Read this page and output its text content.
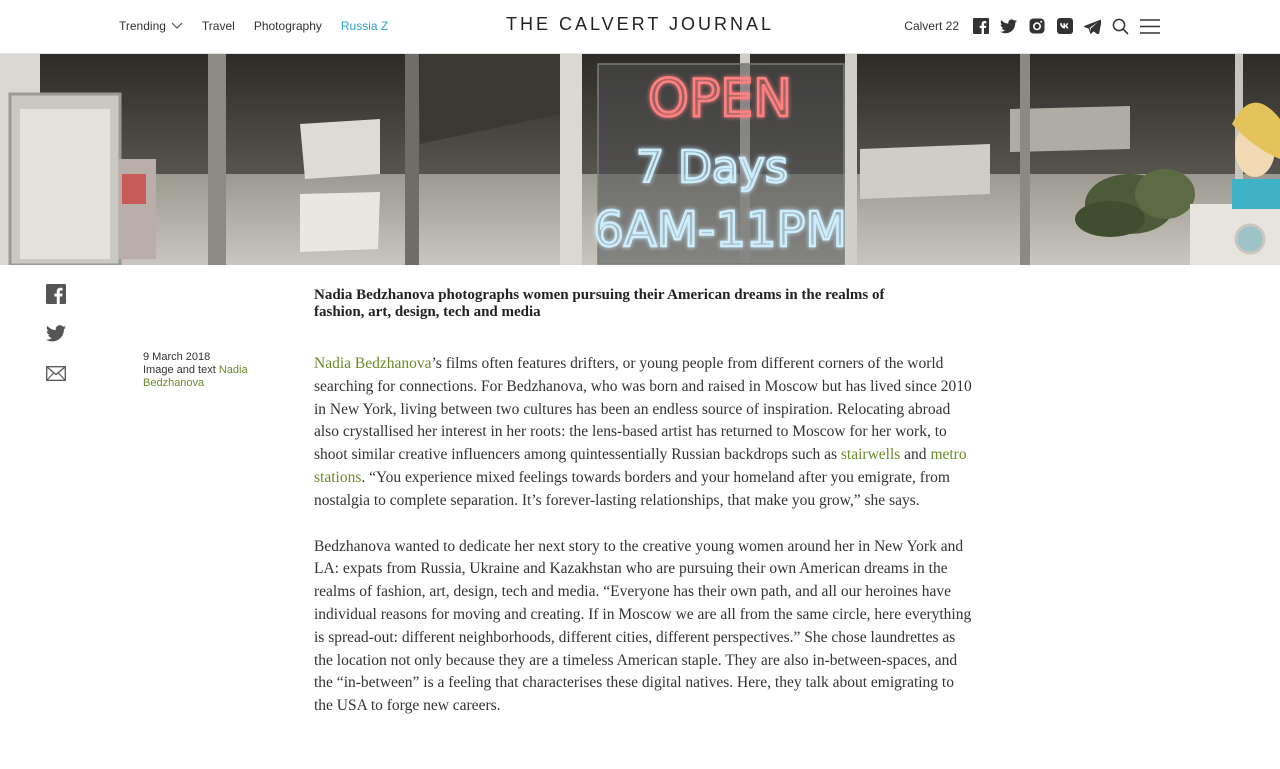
Trending	Travel Photography Russia Z	THE CALVERT JOURNAL	Calvert 22
OPEN
7 Days
6AM-11PM
9 March 2018
Image and text Nadia Bedzhanova
Nadia Bedzhanova photographs women pursuing their American dreams in the realms of fashion, art, design, tech and media

Nadia Bedzhanova’s films often features drifters, or young people from different corners of the world searching for connections. For Bedzhanova, who was born and raised in Moscow but has lived since 2010 in New York, living between two cultures has been an endless source of inspiration. Relocating abroad also crystallised her interest in her roots: the lens-based artist has returned to Moscow for her work, to shoot similar creative influencers among quintessentially Russian backdrops such as stairwells and metro stations. “You experience mixed feelings towards borders and your homeland after you emigrate, from nostalgia to complete separation. It’s forever-lasting relationships, that make you grow,” she says.

Bedzhanova wanted to dedicate her next story to the creative young women around her in New York and LA: expats from Russia, Ukraine and Kazakhstan who are pursuing their own American dreams in the realms of fashion, art, design, tech and media. “Everyone has their own path, and all our heroines have individual reasons for moving and creating. If in Moscow we are all from the same circle, here everything is spread-out: different neighborhoods, different cities, different perspectives.” She chose laundrettes as the location not only because they are a timeless American staple. They are also in-between-spaces, and the “in-between” is a feeling that characterises these digital natives. Here, they talk about emigrating to the USA to forge new careers.
